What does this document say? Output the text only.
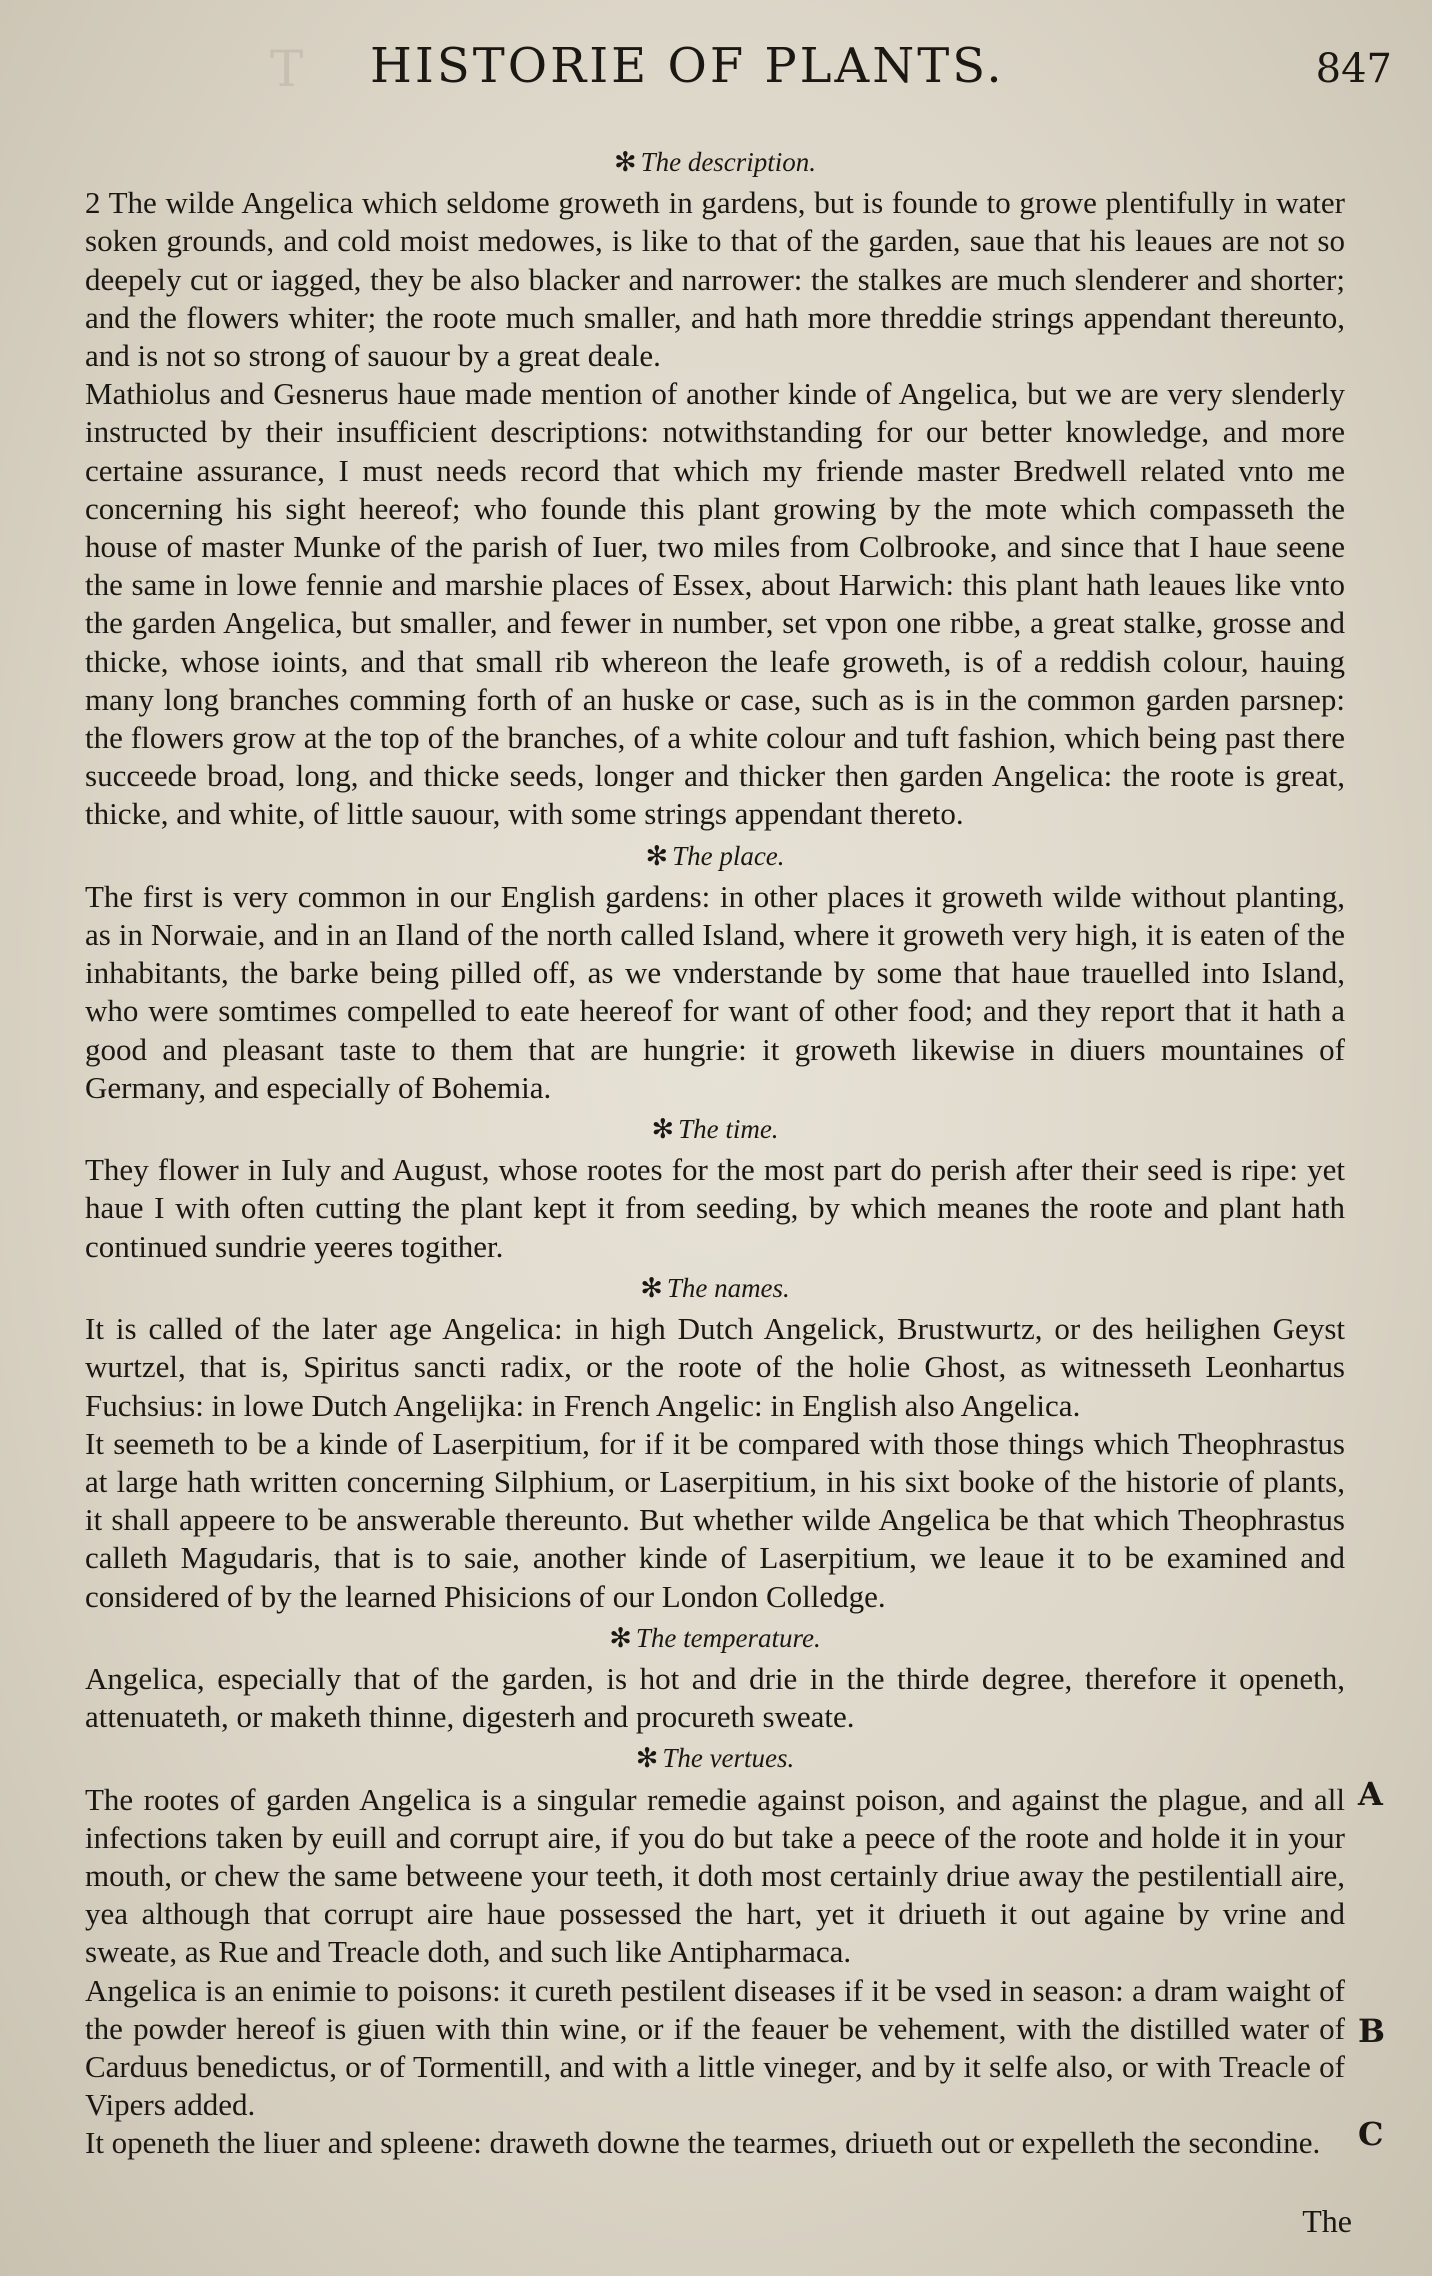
T HISTORIE OF PLANTS.	847
A
B
C
✻ The description.

2 The wilde Angelica which seldome groweth in gardens, but is founde to growe plentifully in water soken grounds, and cold moist medowes, is like to that of the garden, saue that his leaues are not so deepely cut or iagged, they be also blacker and narrower: the stalkes are much slenderer and shorter; and the flowers whiter; the roote much smaller, and hath more threddie strings appendant thereunto, and is not so strong of sauour by a great deale.

Mathiolus and Gesnerus haue made mention of another kinde of Angelica, but we are very slenderly instructed by their insufficient descriptions: notwithstanding for our better knowledge, and more certaine assurance, I must needs record that which my friende master Bredwell related vnto me concerning his sight heereof; who founde this plant growing by the mote which compasseth the house of master Munke of the parish of Iuer, two miles from Colbrooke, and since that I haue seene the same in lowe fennie and marshie places of Essex, about Harwich: this plant hath leaues like vnto the garden Angelica, but smaller, and fewer in number, set vpon one ribbe, a great stalke, grosse and thicke, whose ioints, and that small rib whereon the leafe groweth, is of a reddish colour, hauing many long branches comming forth of an huske or case, such as is in the common garden parsnep: the flowers grow at the top of the branches, of a white colour and tuft fashion, which being past there succeede broad, long, and thicke seeds, longer and thicker then garden Angelica: the roote is great, thicke, and white, of little sauour, with some strings appendant thereto.

✻ The place.

The first is very common in our English gardens: in other places it groweth wilde without planting, as in Norwaie, and in an Iland of the north called Island, where it groweth very high, it is eaten of the inhabitants, the barke being pilled off, as we vnderstande by some that haue trauelled into Island, who were somtimes compelled to eate heereof for want of other food; and they report that it hath a good and pleasant taste to them that are hungrie: it groweth likewise in diuers mountaines of Germany, and especially of Bohemia.

✻ The time.

They flower in Iuly and August, whose rootes for the most part do perish after their seed is ripe: yet haue I with often cutting the plant kept it from seeding, by which meanes the roote and plant hath continued sundrie yeeres togither.

✻ The names.

It is called of the later age Angelica: in high Dutch Angelick, Brustwurtz, or des heilighen Geyst wurtzel, that is, Spiritus sancti radix, or the roote of the holie Ghost, as witnesseth Leonhartus Fuchsius: in lowe Dutch Angelijka: in French Angelic: in English also Angelica.

It seemeth to be a kinde of Laserpitium, for if it be compared with those things which Theophrastus at large hath written concerning Silphium, or Laserpitium, in his sixt booke of the historie of plants, it shall appeere to be answerable thereunto. But whether wilde Angelica be that which Theophrastus calleth Magudaris, that is to saie, another kinde of Laserpitium, we leaue it to be examined and considered of by the learned Phisicions of our London Colledge.

✻ The temperature.

Angelica, especially that of the garden, is hot and drie in the thirde degree, therefore it openeth, attenuateth, or maketh thinne, digesterh and procureth sweate.

✻ The vertues.

The rootes of garden Angelica is a singular remedie against poison, and against the plague, and all infections taken by euill and corrupt aire, if you do but take a peece of the roote and holde it in your mouth, or chew the same betweene your teeth, it doth most certainly driue away the pestilentiall aire, yea although that corrupt aire haue possessed the hart, yet it driueth it out againe by vrine and sweate, as Rue and Treacle doth, and such like Antipharmaca.

Angelica is an enimie to poisons: it cureth pestilent diseases if it be vsed in season: a dram waight of the powder hereof is giuen with thin wine, or if the feauer be vehement, with the distilled water of Carduus benedictus, or of Tormentill, and with a little vineger, and by it selfe also, or with Treacle of Vipers added.

It openeth the liuer and spleene: draweth downe the tearmes, driueth out or expelleth the secondine.

The
